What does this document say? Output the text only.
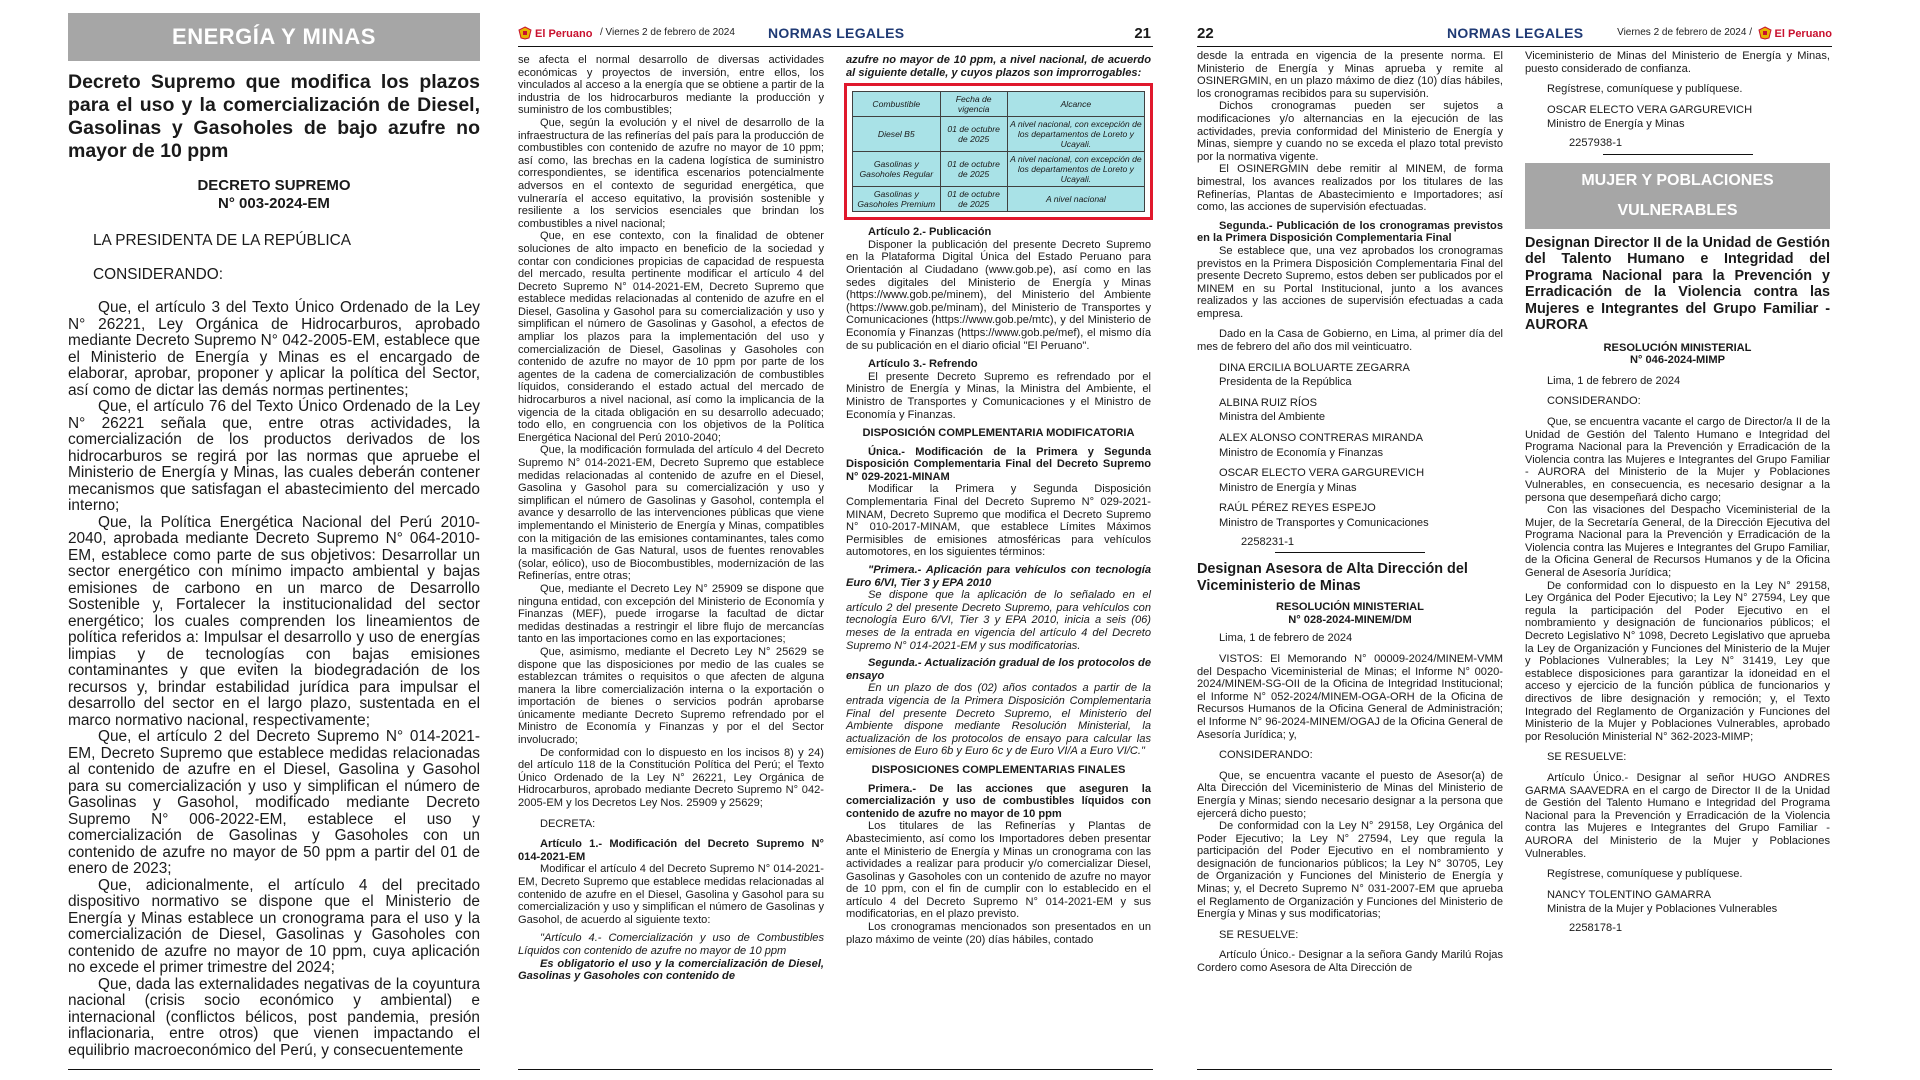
ENERGÍA Y MINAS
Decreto Supremo que modifica los plazos para el uso y la comercialización de Diesel, Gasolinas y Gasoholes de bajo azufre no mayor de 10 ppm
DECRETO SUPREMO
N° 003-2024-EM

LA PRESIDENTA DE LA REPÚBLICA

CONSIDERANDO:

Que, el artículo 3 del Texto Único Ordenado de la Ley N° 26221, Ley Orgánica de Hidrocarburos, aprobado mediante Decreto Supremo N° 042-2005-EM, establece que el Ministerio de Energía y Minas es el encargado de elaborar, aprobar, proponer y aplicar la política del Sector, así como de dictar las demás normas pertinentes;

Que, el artículo 76 del Texto Único Ordenado de la Ley N° 26221 señala que, entre otras actividades, la comercialización de los productos derivados de los hidrocarburos se regirá por las normas que apruebe el Ministerio de Energía y Minas, las cuales deberán contener mecanismos que satisfagan el abastecimiento del mercado interno;

Que, la Política Energética Nacional del Perú 2010-2040, aprobada mediante Decreto Supremo N° 064-2010-EM, establece como parte de sus objetivos: Desarrollar un sector energético con mínimo impacto ambiental y bajas emisiones de carbono en un marco de Desarrollo Sostenible y, Fortalecer la institucionalidad del sector energético; los cuales comprenden los lineamientos de política referidos a: Impulsar el desarrollo y uso de energías limpias y de tecnologías con bajas emisiones contaminantes y que eviten la biodegradación de los recursos y, brindar estabilidad jurídica para impulsar el desarrollo del sector en el largo plazo, sustentada en el marco normativo nacional, respectivamente;

Que, el artículo 2 del Decreto Supremo N° 014-2021-EM, Decreto Supremo que establece medidas relacionadas al contenido de azufre en el Diesel, Gasolina y Gasohol para su comercialización y uso y simplifican el número de Gasolinas y Gasohol, modificado mediante Decreto Supremo N° 006-2022-EM, establece el uso y comercialización de Gasolinas y Gasoholes con un contenido de azufre no mayor de 50 ppm a partir del 01 de enero de 2023;

Que, adicionalmente, el artículo 4 del precitado dispositivo normativo se dispone que el Ministerio de Energía y Minas establece un cronograma para el uso y la comercialización de Diesel, Gasolinas y Gasoholes con contenido de azufre no mayor de 10 ppm, cuya aplicación no excede el primer trimestre del 2024;

Que, dada las externalidades negativas de la coyuntura nacional (crisis socio económico y ambiental) e internacional (conflictos bélicos, post pandemia, presión inflacionaria, entre otros) que vienen impactando el equilibrio macroeconómico del Perú, y consecuentemente

El Peruano / Viernes 2 de febrero de 2024 NORMAS LEGALES	21

se afecta el normal desarrollo de diversas actividades económicas y proyectos de inversión, entre ellos, los vinculados al acceso a la energía que se obtiene a partir de la industria de los hidrocarburos mediante la producción y suministro de los combustibles;

Que, según la evolución y el nivel de desarrollo de la infraestructura de las refinerías del país para la producción de combustibles con contenido de azufre no mayor de 10 ppm; así como, las brechas en la cadena logística de suministro correspondientes, se identifica escenarios potencialmente adversos en el contexto de seguridad energética, que vulneraría el acceso equitativo, la provisión sostenible y resiliente a los servicios esenciales que brindan los combustibles a nivel nacional;

Que, en ese contexto, con la finalidad de obtener soluciones de alto impacto en beneficio de la sociedad y contar con condiciones propicias de capacidad de respuesta del mercado, resulta pertinente modificar el artículo 4 del Decreto Supremo N° 014-2021-EM, Decreto Supremo que establece medidas relacionadas al contenido de azufre en el Diesel, Gasolina y Gasohol para su comercialización y uso y simplifican el número de Gasolinas y Gasohol, a efectos de ampliar los plazos para la implementación del uso y comercialización de Diesel, Gasolinas y Gasoholes con contenido de azufre no mayor de 10 ppm por parte de los agentes de la cadena de comercialización de combustibles líquidos, considerando el estado actual del mercado de hidrocarburos a nivel nacional, así como la implicancia de la vigencia de la citada obligación en su desarrollo adecuado; todo ello, en congruencia con los objetivos de la Política Energética Nacional del Perú 2010-2040;

Que, la modificación formulada del artículo 4 del Decreto Supremo N° 014-2021-EM, Decreto Supremo que establece medidas relacionadas al contenido de azufre en el Diesel, Gasolina y Gasohol para su comercialización y uso y simplifican el número de Gasolinas y Gasohol, contempla el avance y desarrollo de las intervenciones públicas que viene implementando el Ministerio de Energía y Minas, compatibles con la mitigación de las emisiones contaminantes, tales como la masificación de Gas Natural, usos de fuentes renovables (solar, eólico), uso de Biocombustibles, modernización de las Refinerías, entre otras;

Que, mediante el Decreto Ley N° 25909 se dispone que ninguna entidad, con excepción del Ministerio de Economía y Finanzas (MEF), puede irrogarse la facultad de dictar medidas destinadas a restringir el libre flujo de mercancías tanto en las importaciones como en las exportaciones;

Que, asimismo, mediante el Decreto Ley N° 25629 se dispone que las disposiciones por medio de las cuales se establezcan trámites o requisitos o que afecten de alguna manera la libre comercialización interna o la exportación o importación de bienes o servicios podrán aprobarse únicamente mediante Decreto Supremo refrendado por el Ministro de Economía y Finanzas y por el del Sector involucrado;

De conformidad con lo dispuesto en los incisos 8) y 24) del artículo 118 de la Constitución Política del Perú; el Texto Único Ordenado de la Ley N° 26221, Ley Orgánica de Hidrocarburos, aprobado mediante Decreto Supremo N° 042-2005-EM y los Decretos Ley Nos. 25909 y 25629;

DECRETA:

Artículo 1.- Modificación del Decreto Supremo N° 014-2021-EM

Modificar el artículo 4 del Decreto Supremo N° 014-2021-EM, Decreto Supremo que establece medidas relacionadas al contenido de azufre en el Diesel, Gasolina y Gasohol para su comercialización y uso y simplifican el número de Gasolinas y Gasohol, de acuerdo al siguiente texto:

"Artículo 4.- Comercialización y uso de Combustibles Líquidos con contenido de azufre no mayor de 10 ppm

Es obligatorio el uso y la comercialización de Diesel, Gasolinas y Gasoholes con contenido de

azufre no mayor de 10 ppm, a nivel nacional, de acuerdo al siguiente detalle, y cuyos plazos son improrrogables:

Combustible	Fecha de vigencia	Alcance
Diesel B5	01 de octubre de 2025	A nivel nacional, con excepción de los departamentos de Loreto y Ucayali.
Gasolinas y Gasoholes Regular	01 de octubre de 2025	A nivel nacional, con excepción de los departamentos de Loreto y Ucayali.
Gasolinas y Gasoholes Premium	01 de octubre de 2025	A nivel nacional

Artículo 2.- Publicación

Disponer la publicación del presente Decreto Supremo en la Plataforma Digital Única del Estado Peruano para Orientación al Ciudadano (www.gob.pe), así como en las sedes digitales del Ministerio de Energía y Minas (https://www.gob.pe/minem), del Ministerio del Ambiente (https://www.gob.pe/minam), del Ministerio de Transportes y Comunicaciones (https://www.gob.pe/mtc), y del Ministerio de Economía y Finanzas (https://www.gob.pe/mef), el mismo día de su publicación en el diario oficial "El Peruano".

Artículo 3.- Refrendo

El presente Decreto Supremo es refrendado por el Ministro de Energía y Minas, la Ministra del Ambiente, el Ministro de Transportes y Comunicaciones y el Ministro de Economía y Finanzas.

DISPOSICIÓN COMPLEMENTARIA MODIFICATORIA

Única.- Modificación de la Primera y Segunda Disposición Complementaria Final del Decreto Supremo N° 029-2021-MINAM

Modificar la Primera y Segunda Disposición Complementaria Final del Decreto Supremo N° 029-2021-MINAM, Decreto Supremo que modifica el Decreto Supremo N° 010-2017-MINAM, que establece Límites Máximos Permisibles de emisiones atmosféricas para vehículos automotores, en los siguientes términos:

"Primera.- Aplicación para vehículos con tecnología Euro 6/VI, Tier 3 y EPA 2010

Se dispone que la aplicación de lo señalado en el artículo 2 del presente Decreto Supremo, para vehículos con tecnología Euro 6/VI, Tier 3 y EPA 2010, inicia a seis (06) meses de la entrada en vigencia del artículo 4 del Decreto Supremo N° 014-2021-EM y sus modificatorias.

Segunda.- Actualización gradual de los protocolos de ensayo

En un plazo de dos (02) años contados a partir de la entrada vigencia de la Primera Disposición Complementaria Final del presente Decreto Supremo, el Ministerio del Ambiente dispone mediante Resolución Ministerial, la actualización de los protocolos de ensayo para calcular las emisiones de Euro 6b y Euro 6c y de Euro VI/A a Euro VI/C."

DISPOSICIONES COMPLEMENTARIAS FINALES

Primera.- De las acciones que aseguren la comercialización y uso de combustibles líquidos con contenido de azufre no mayor de 10 ppm

Los titulares de las Refinerías y Plantas de Abastecimiento, así como los Importadores deben presentar ante el Ministerio de Energía y Minas un cronograma con las actividades a realizar para producir y/o comercializar Diesel, Gasolinas y Gasoholes con un contenido de azufre no mayor de 10 ppm, con el fin de cumplir con lo establecido en el artículo 4 del Decreto Supremo N° 014-2021-EM y sus modificatorias, en el plazo previsto.

Los cronogramas mencionados son presentados en un plazo máximo de veinte (20) días hábiles, contado

22	NORMAS LEGALES	Viernes 2 de febrero de 2024 /	El Peruano

desde la entrada en vigencia de la presente norma. El Ministerio de Energía y Minas aprueba y remite al OSINERGMIN, en un plazo máximo de diez (10) días hábiles, los cronogramas recibidos para su supervisión.

Dichos cronogramas pueden ser sujetos a modificaciones y/o alternancias en la ejecución de las actividades, previa conformidad del Ministerio de Energía y Minas, siempre y cuando no se exceda el plazo total previsto por la normativa vigente.

El OSINERGMIN debe remitir al MINEM, de forma bimestral, los avances realizados por los titulares de las Refinerías, Plantas de Abastecimiento e Importadores; así como, las acciones de supervisión efectuadas.

Segunda.- Publicación de los cronogramas previstos en la Primera Disposición Complementaria Final

Se establece que, una vez aprobados los cronogramas previstos en la Primera Disposición Complementaria Final del presente Decreto Supremo, estos deben ser publicados por el MINEM en su Portal Institucional, junto a los avances realizados y las acciones de supervisión efectuadas a cada empresa.

Dado en la Casa de Gobierno, en Lima, al primer día del mes de febrero del año dos mil veinticuatro.

DINA ERCILIA BOLUARTE ZEGARRA

Presidenta de la República

ALBINA RUIZ RÍOS

Ministra del Ambiente

ALEX ALONSO CONTRERAS MIRANDA

Ministro de Economía y Finanzas

OSCAR ELECTO VERA GARGUREVICH

Ministro de Energía y Minas

RAÚL PÉREZ REYES ESPEJO

Ministro de Transportes y Comunicaciones

2258231-1

Designan Asesora de Alta Dirección del Viceministerio de Minas

RESOLUCIÓN MINISTERIAL

N° 028-2024-MINEM/DM

Lima, 1 de febrero de 2024

VISTOS: El Memorando N° 00009-2024/MINEM-VMM del Despacho Viceministerial de Minas; el Informe N° 0020-2024/MINEM-SG-OII de la Oficina de Integridad Institucional; el Informe N° 052-2024/MINEM-OGA-ORH de la Oficina de Recursos Humanos de la Oficina General de Administración; el Informe N° 96-2024-MINEM/OGAJ de la Oficina General de Asesoría Jurídica; y,

CONSIDERANDO:

Que, se encuentra vacante el puesto de Asesor(a) de Alta Dirección del Viceministerio de Minas del Ministerio de Energía y Minas; siendo necesario designar a la persona que ejercerá dicho puesto;

De conformidad con la Ley N° 29158, Ley Orgánica del Poder Ejecutivo; la Ley N° 27594, Ley que regula la participación del Poder Ejecutivo en el nombramiento y designación de funcionarios públicos; la Ley N° 30705, Ley de Organización y Funciones del Ministerio de Energía y Minas; y, el Decreto Supremo N° 031-2007-EM que aprueba el Reglamento de Organización y Funciones del Ministerio de Energía y Minas y sus modificatorias;

SE RESUELVE:

Artículo Único.- Designar a la señora Gandy Marilú Rojas Cordero como Asesora de Alta Dirección de

Viceministerio de Minas del Ministerio de Energía y Minas, puesto considerado de confianza.

Regístrese, comuníquese y publíquese.

OSCAR ELECTO VERA GARGUREVICH

Ministro de Energía y Minas

2257938-1

MUJER Y POBLACIONES VULNERABLES
Designan Director II de la Unidad de Gestión del Talento Humano e Integridad del Programa Nacional para la Prevención y Erradicación de la Violencia contra las Mujeres e Integrantes del Grupo Familiar - AURORA

RESOLUCIÓN MINISTERIAL

N° 046-2024-MIMP

Lima, 1 de febrero de 2024

CONSIDERANDO:

Que, se encuentra vacante el cargo de Director/a II de la Unidad de Gestión del Talento Humano e Integridad del Programa Nacional para la Prevención y Erradicación de la Violencia contra las Mujeres e Integrantes del Grupo Familiar - AURORA del Ministerio de la Mujer y Poblaciones Vulnerables, en consecuencia, es necesario designar a la persona que desempeñará dicho cargo;

Con las visaciones del Despacho Viceministerial de la Mujer, de la Secretaría General, de la Dirección Ejecutiva del Programa Nacional para la Prevención y Erradicación de la Violencia contra las Mujeres e Integrantes del Grupo Familiar, de la Oficina General de Recursos Humanos y de la Oficina General de Asesoría Jurídica;

De conformidad con lo dispuesto en la Ley N° 29158, Ley Orgánica del Poder Ejecutivo; la Ley N° 27594, Ley que regula la participación del Poder Ejecutivo en el nombramiento y designación de funcionarios públicos; el Decreto Legislativo N° 1098, Decreto Legislativo que aprueba la Ley de Organización y Funciones del Ministerio de la Mujer y Poblaciones Vulnerables; la Ley N° 31419, Ley que establece disposiciones para garantizar la idoneidad en el acceso y ejercicio de la función pública de funcionarios y directivos de libre designación y remoción; y, el Texto Integrado del Reglamento de Organización y Funciones del Ministerio de la Mujer y Poblaciones Vulnerables, aprobado por Resolución Ministerial N° 362-2023-MIMP;

SE RESUELVE:

Artículo Único.- Designar al señor HUGO ANDRES GARMA SAAVEDRA en el cargo de Director II de la Unidad de Gestión del Talento Humano e Integridad del Programa Nacional para la Prevención y Erradicación de la Violencia contra las Mujeres e Integrantes del Grupo Familiar - AURORA del Ministerio de la Mujer y Poblaciones Vulnerables.

Regístrese, comuníquese y publíquese.

NANCY TOLENTINO GAMARRA

Ministra de la Mujer y Poblaciones Vulnerables

2258178-1
